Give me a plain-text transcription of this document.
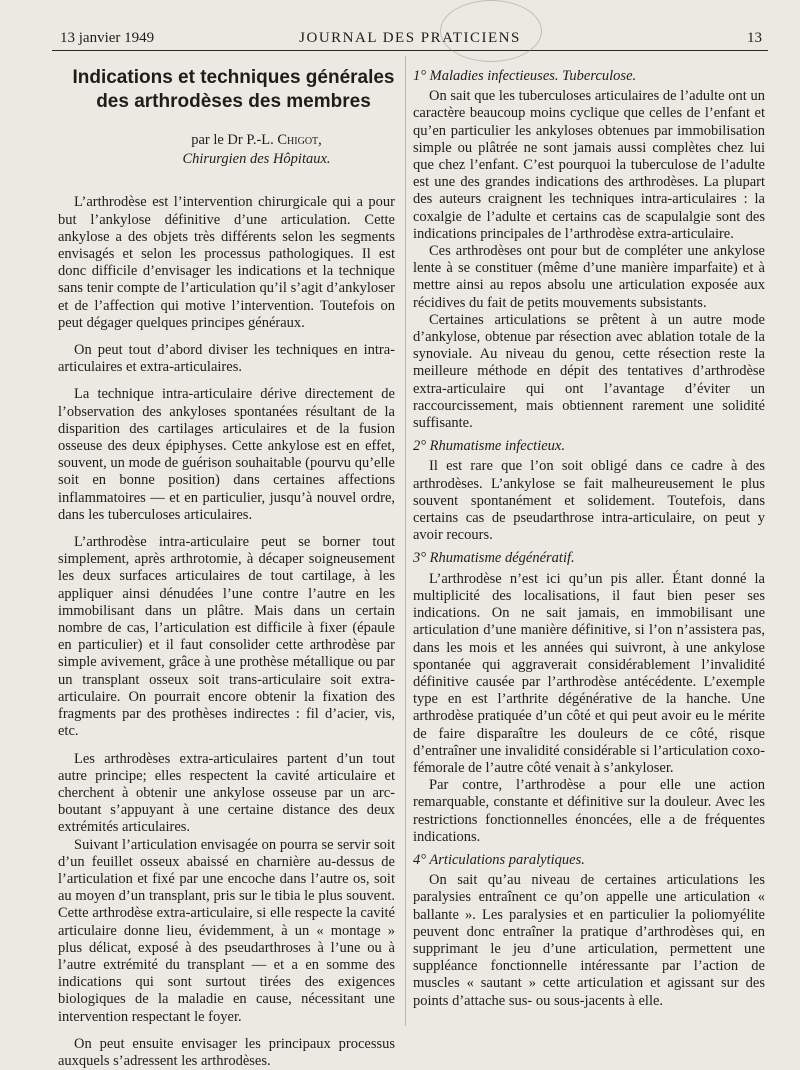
13 janvier 1949	JOURNAL DES PRATICIENS	13
Indications et techniques générales
des arthrodèses des membres
par le Dr P.-L. Chigot,
Chirurgien des Hôpitaux.

L’arthrodèse est l’intervention chirurgicale qui a pour but l’ankylose définitive d’une articulation. Cette ankylose a des objets très différents selon les segments envisagés et selon les processus pathologiques. Il est donc difficile d’envisager les indications et la technique sans tenir compte de l’articulation qu’il s’agit d’ankyloser et de l’affection qui motive l’intervention. Toutefois on peut dégager quelques principes généraux.

On peut tout d’abord diviser les techniques en intra-articulaires et extra-articulaires.

La technique intra-articulaire dérive directement de l’observation des ankyloses spontanées résultant de la disparition des cartilages articulaires et de la fusion osseuse des deux épiphyses. Cette ankylose est en effet, souvent, un mode de guérison souhaitable (pourvu qu’elle soit en bonne position) dans certaines affections inflammatoires — et en particulier, jusqu’à nouvel ordre, dans les tuberculoses articulaires.

L’arthrodèse intra-articulaire peut se borner tout simplement, après arthrotomie, à décaper soigneusement les deux surfaces articulaires de tout cartilage, à les appliquer ainsi dénudées l’une contre l’autre en les immobilisant dans un plâtre. Mais dans un certain nombre de cas, l’articulation est difficile à fixer (épaule en particulier) et il faut consolider cette arthrodèse par simple avivement, grâce à une prothèse métallique ou par un transplant osseux soit trans-articulaire soit extra-articulaire. On pourrait encore obtenir la fixation des fragments par des prothèses indirectes : fil d’acier, vis, etc.

Les arthrodèses extra-articulaires partent d’un tout autre principe; elles respectent la cavité articulaire et cherchent à obtenir une ankylose osseuse par un arc-boutant s’appuyant à une certaine distance des deux extrémités articulaires.

Suivant l’articulation envisagée on pourra se servir soit d’un feuillet osseux abaissé en charnière au-dessus de l’articulation et fixé par une encoche dans l’autre os, soit au moyen d’un transplant, pris sur le tibia le plus souvent. Cette arthrodèse extra-articulaire, si elle respecte la cavité articulaire donne lieu, évidemment, à un « montage » plus délicat, exposé à des pseudarthroses à l’une ou à l’autre extrémité du transplant — et a en somme des indications qui sont surtout tirées des exigences biologiques de la maladie en cause, nécessitant une intervention respectant le foyer.

On peut ensuite envisager les principaux processus auxquels s’adressent les arthrodèses.

1° Maladies infectieuses. Tuberculose.

On sait que les tuberculoses articulaires de l’adulte ont un caractère beaucoup moins cyclique que celles de l’enfant et qu’en particulier les ankyloses obtenues par immobilisation simple ou plâtrée ne sont jamais aussi complètes chez lui que chez l’enfant. C’est pourquoi la tuberculose de l’adulte est une des grandes indications des arthrodèses. La plupart des auteurs craignent les techniques intra-articulaires : la coxalgie de l’adulte et certains cas de scapulalgie sont des indications principales de l’arthrodèse extra-articulaire.

Ces arthrodèses ont pour but de compléter une ankylose lente à se constituer (même d’une manière imparfaite) et à mettre ainsi au repos absolu une articulation exposée aux récidives du fait de petits mouvements subsistants.

Certaines articulations se prêtent à un autre mode d’ankylose, obtenue par résection avec ablation totale de la synoviale. Au niveau du genou, cette résection reste la meilleure méthode en dépit des tentatives d’arthrodèse extra-articulaire qui ont l’avantage d’éviter un raccourcissement, mais obtiennent rarement une solidité suffisante.

2° Rhumatisme infectieux.

Il est rare que l’on soit obligé dans ce cadre à des arthrodèses. L’ankylose se fait malheureusement le plus souvent spontanément et solidement. Toutefois, dans certains cas de pseudarthrose intra-articulaire, on peut y avoir recours.

3° Rhumatisme dégénératif.

L’arthrodèse n’est ici qu’un pis aller. Étant donné la multiplicité des localisations, il faut bien peser ses indications. On ne sait jamais, en immobilisant une articulation d’une manière définitive, si l’on n’assistera pas, dans les mois et les années qui suivront, à une ankylose spontanée qui aggraverait considérablement l’invalidité définitive causée par l’arthrodèse antécédente. L’exemple type en est l’arthrite dégénérative de la hanche. Une arthrodèse pratiquée d’un côté et qui peut avoir eu le mérite de faire disparaître les douleurs de ce côté, risque d’entraîner une invalidité considérable si l’articulation coxo-fémorale de l’autre côté venait à s’ankyloser.

Par contre, l’arthrodèse a pour elle une action remarquable, constante et définitive sur la douleur. Avec les restrictions fonctionnelles énoncées, elle a de fréquentes indications.

4° Articulations paralytiques.

On sait qu’au niveau de certaines articulations les paralysies entraînent ce qu’on appelle une articulation « ballante ». Les paralysies et en particulier la poliomyélite peuvent donc entraîner la pratique d’arthrodèses qui, en supprimant le jeu d’une articulation, permettent une suppléance fonctionnelle intéressante par l’action de muscles « sautant » cette articulation et agissant sur des points d’attache sus- ou sous-jacents à elle.
